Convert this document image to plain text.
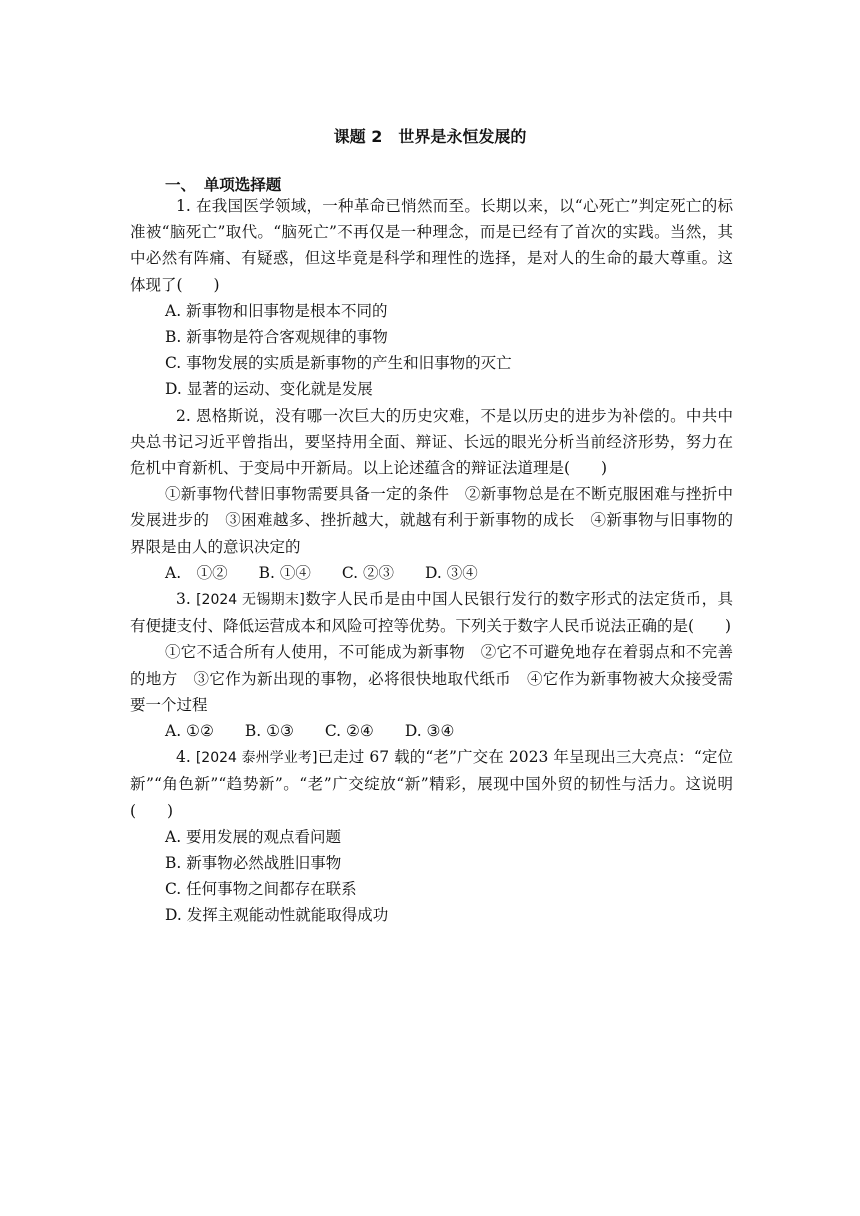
课题 2　世界是永恒发展的
一、　单项选择题

1. 在我国医学领域，一种革命已悄然而至。长期以来，以“心死亡”判定死亡的标准被“脑死亡”取代。“脑死亡”不再仅是一种理念，而是已经有了首次的实践。当然，其中必然有阵痛、有疑惑，但这毕竟是科学和理性的选择，是对人的生命的最大尊重。这体现了(　　)

A. 新事物和旧事物是根本不同的

B. 新事物是符合客观规律的事物

C. 事物发展的实质是新事物的产生和旧事物的灭亡

D. 显著的运动、变化就是发展

2. 恩格斯说，没有哪一次巨大的历史灾难，不是以历史的进步为补偿的。中共中央总书记习近平曾指出，要坚持用全面、辩证、长远的眼光分析当前经济形势，努力在危机中育新机、于变局中开新局。以上论述蕴含的辩证法道理是(　　)

①新事物代替旧事物需要具备一定的条件　②新事物总是在不断克服困难与挫折中发展进步的　③困难越多、挫折越大，就越有利于新事物的成长　④新事物与旧事物的界限是由人的意识决定的

A.　①②　　B. ①④　　C. ②③　　D. ③④

3. [2024 无锡期末]数字人民币是由中国人民银行发行的数字形式的法定货币，具有便捷支付、降低运营成本和风险可控等优势。下列关于数字人民币说法正确的是(　　)

①它不适合所有人使用，不可能成为新事物　②它不可避免地存在着弱点和不完善的地方　③它作为新出现的事物，必将很快地取代纸币　④它作为新事物被大众接受需要一个过程

A. ①②　　B. ①③　　C. ②④　　D. ③④

4. [2024 泰州学业考]已走过 67 载的“老”广交在 2023 年呈现出三大亮点：“定位新”“角色新”“趋势新”。“老”广交绽放“新”精彩，展现中国外贸的韧性与活力。这说明(　　)

A. 要用发展的观点看问题

B. 新事物必然战胜旧事物

C. 任何事物之间都存在联系

D. 发挥主观能动性就能取得成功
